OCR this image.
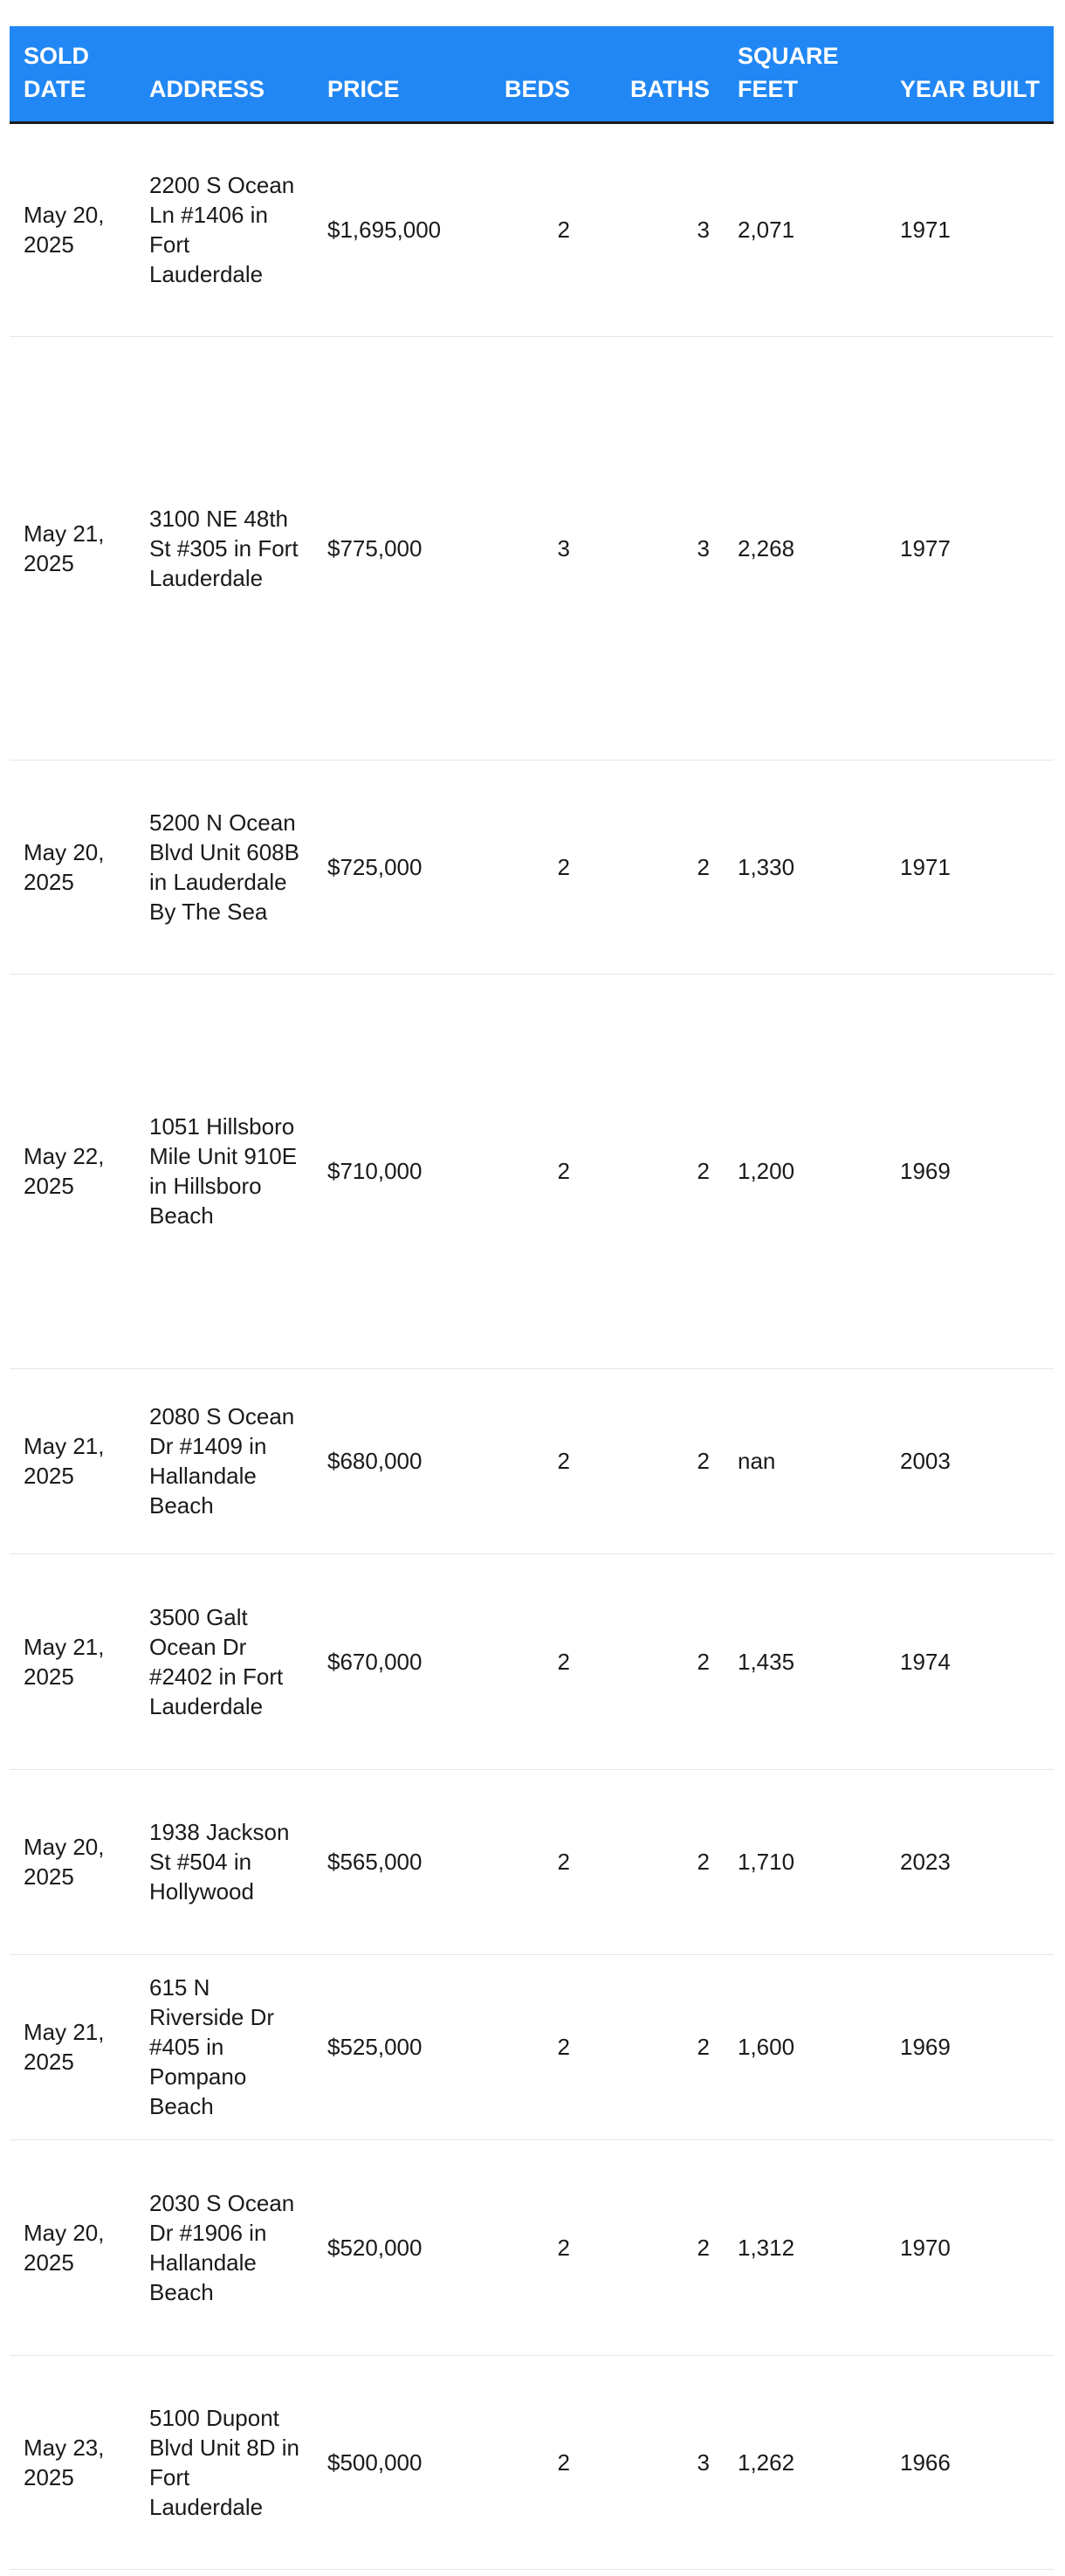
SOLD DATE	ADDRESS	PRICE	BEDS	BATHS	SQUARE FEET	YEAR BUILT
May 20, 2025	2200 S Ocean Ln #1406 in Fort Lauderdale	$1,695,000	2	3	2,071	1971
May 21, 2025	3100 NE 48th St #305 in Fort Lauderdale	$775,000	3	3	2,268	1977
May 20, 2025	5200 N Ocean Blvd Unit 608B in Lauderdale By The Sea	$725,000	2	2	1,330	1971
May 22, 2025	1051 Hillsboro Mile Unit 910E in Hillsboro Beach	$710,000	2	2	1,200	1969
May 21, 2025	2080 S Ocean Dr #1409 in Hallandale Beach	$680,000	2	2	nan	2003
May 21, 2025	3500 Galt Ocean Dr #2402 in Fort Lauderdale	$670,000	2	2	1,435	1974
May 20, 2025	1938 Jackson St #504 in Hollywood	$565,000	2	2	1,710	2023
May 21, 2025	615 N Riverside Dr #405 in Pompano Beach	$525,000	2	2	1,600	1969
May 20, 2025	2030 S Ocean Dr #1906 in Hallandale Beach	$520,000	2	2	1,312	1970
May 23, 2025	5100 Dupont Blvd Unit 8D in Fort Lauderdale	$500,000	2	3	1,262	1966
